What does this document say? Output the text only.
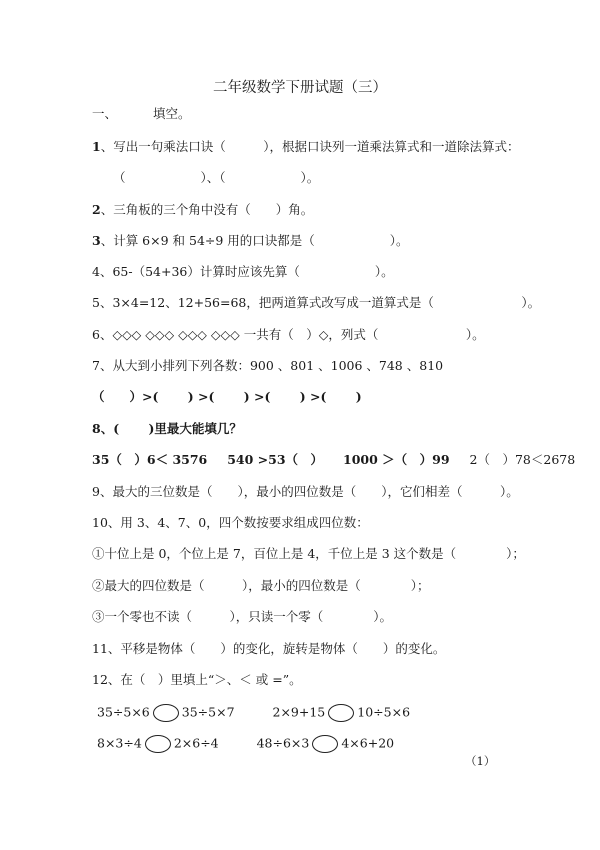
二年级数学下册试题（三）
一、	填空。
1、写出一句乘法口诀（　　　），根据口诀列一道乘法算式和一道除法算式：
（　　　　　　）、（　　　　　　）。
2、三角板的三个角中没有（　　）角。
3、计算 6×9 和 54÷9 用的口诀都是（　　　　　　）。
4、65-（54+36）计算时应该先算（　　　　　　）。
5、3×4=12、12+56=68，把两道算式改写成一道算式是（　　　　　　　）。
6、◇◇◇ ◇◇◇ ◇◇◇ ◇◇◇ 一共有（　）◇，列式（　　　　　　　）。
7、从大到小排列下列各数：900 、801 、1006 、748 、810
（　　）>(　　 ) >(　　 ) >(　　 ) >(　　 )
8、(　　 )里最大能填几？
35（　）6＜ 3576 540 >53（　） 1000 ＞（　）99 2（　）78＜2678
9、最大的三位数是（　　），最小的四位数是（　　），它们相差（　　　）。
10、用 3、4、7、0，四个数按要求组成四位数：
①十位上是 0，个位上是 7，百位上是 4，千位上是 3 这个数是（　　　　）；
②最大的四位数是（　　　），最小的四位数是（　　　　）；
③一个零也不读（　　　），只读一个零（　　　　）。
11、平移是物体（　　）的变化，旋转是物体（　　）的变化。
12、在（　）里填上“＞、＜ 或 =”。
35÷5×6	35÷5×7	2×9+15	10÷5×6
8×3÷4	2×6÷4	48÷6×3	4×6+20
（1）
